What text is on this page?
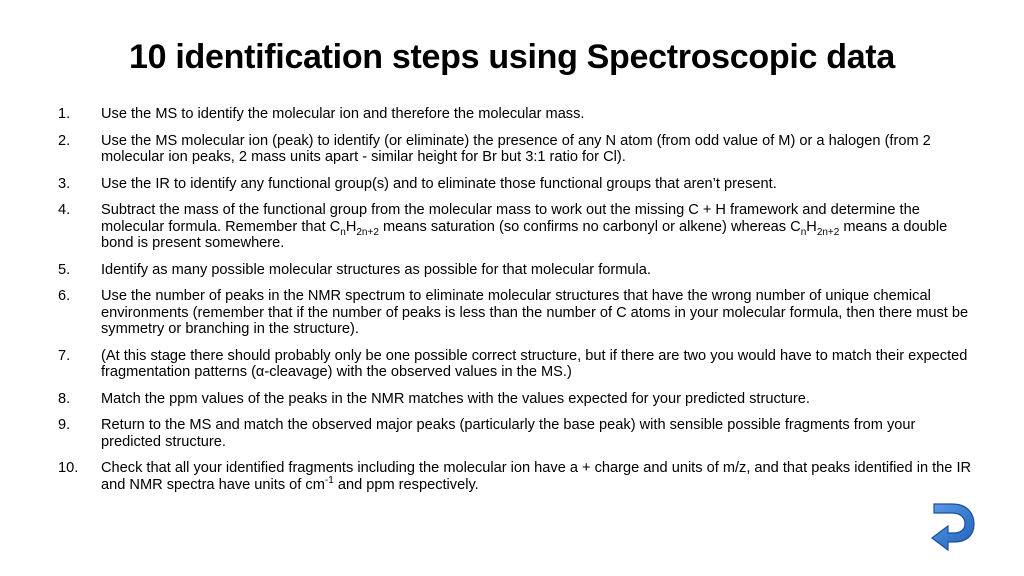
10 identification steps using Spectroscopic data
1.	Use the MS to identify the molecular ion and therefore the molecular mass.
2.	Use the MS molecular ion (peak) to identify (or eliminate) the presence of any N atom (from odd value of M) or a halogen (from 2 molecular ion peaks, 2 mass units apart - similar height for Br but 3:1 ratio for Cl).
3.	Use the IR to identify any functional group(s) and to eliminate those functional groups that aren’t present.
4.	Subtract the mass of the functional group from the molecular mass to work out the missing C + H framework and determine the molecular formula. Remember that $C_nH_{2n+2}$ means saturation (so confirms no carbonyl or alkene) whereas $C_nH_{2n+2}$ means a double bond is present somewhere.
5.	Identify as many possible molecular structures as possible for that molecular formula.
6.	Use the number of peaks in the NMR spectrum to eliminate molecular structures that have the wrong number of unique chemical environments (remember that if the number of peaks is less than the number of C atoms in your molecular formula, then there must be symmetry or branching in the structure).
7.	(At this stage there should probably only be one possible correct structure, but if there are two you would have to match their expected fragmentation patterns (α-cleavage) with the observed values in the MS.)
8.	Match the ppm values of the peaks in the NMR matches with the values expected for your predicted structure.
9.	Return to the MS and match the observed major peaks (particularly the base peak) with sensible possible fragments from your predicted structure.
10.	Check that all your identified fragments including the molecular ion have a + charge and units of m/z, and that peaks identified in the IR and NMR spectra have units of $cm^{-1}$ and ppm respectively.
